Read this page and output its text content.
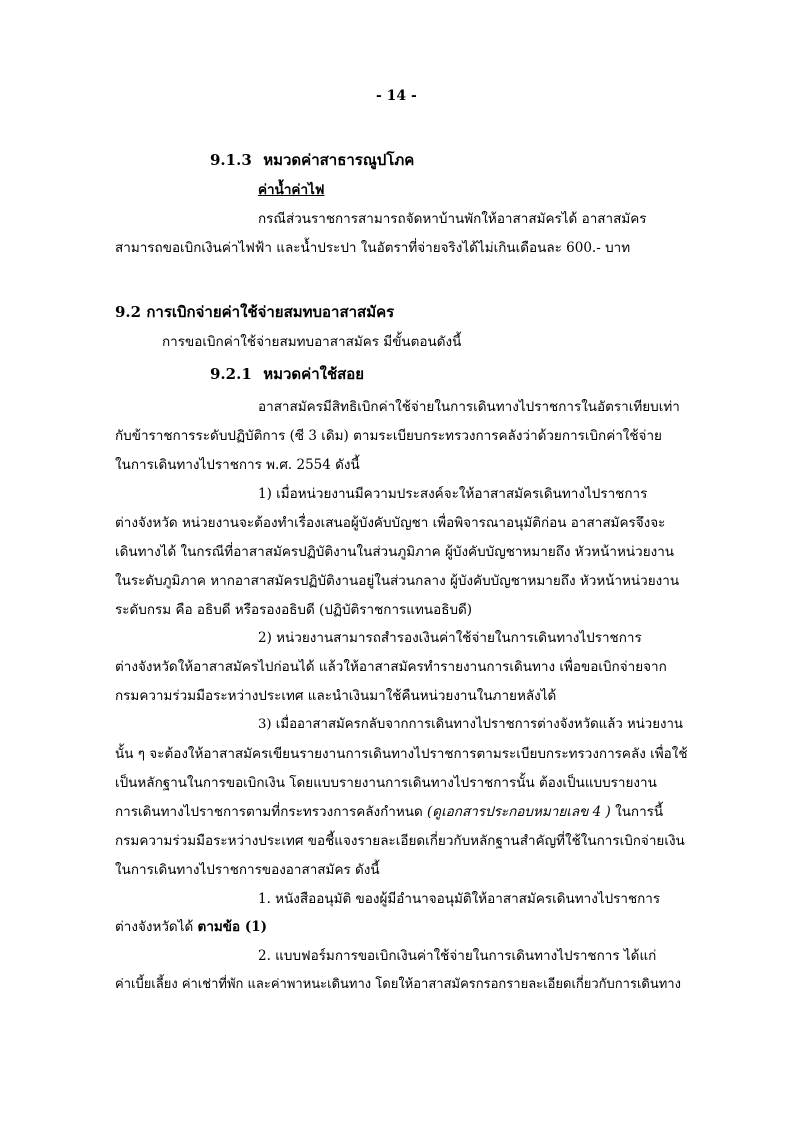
- 14 -
9.1.3 หมวดค่าสาธารณูปโภค
ค่าน้ำค่าไฟ
กรณีส่วนราชการสามารถจัดหาบ้านพักให้อาสาสมัครได้ อาสาสมัคร
สามารถขอเบิกเงินค่าไฟฟ้า และน้ำประปา ในอัตราที่จ่ายจริงได้ไม่เกินเดือนละ 600.- บาท
9.2 การเบิกจ่ายค่าใช้จ่ายสมทบอาสาสมัคร
การขอเบิกค่าใช้จ่ายสมทบอาสาสมัคร มีขั้นตอนดังนี้
9.2.1 หมวดค่าใช้สอย
อาสาสมัครมีสิทธิเบิกค่าใช้จ่ายในการเดินทางไปราชการในอัตราเทียบเท่า
กับข้าราชการระดับปฏิบัติการ (ซี 3 เดิม) ตามระเบียบกระทรวงการคลังว่าด้วยการเบิกค่าใช้จ่าย
ในการเดินทางไปราชการ พ.ศ. 2554 ดังนี้
1) เมื่อหน่วยงานมีความประสงค์จะให้อาสาสมัครเดินทางไปราชการ
ต่างจังหวัด หน่วยงานจะต้องทำเรื่องเสนอผู้บังคับบัญชา เพื่อพิจารณาอนุมัติก่อน อาสาสมัครจึงจะ
เดินทางได้ ในกรณีที่อาสาสมัครปฏิบัติงานในส่วนภูมิภาค ผู้บังคับบัญชาหมายถึง หัวหน้าหน่วยงาน
ในระดับภูมิภาค หากอาสาสมัครปฏิบัติงานอยู่ในส่วนกลาง ผู้บังคับบัญชาหมายถึง หัวหน้าหน่วยงาน
ระดับกรม คือ อธิบดี หรือรองอธิบดี (ปฏิบัติราชการแทนอธิบดี)
2) หน่วยงานสามารถสำรองเงินค่าใช้จ่ายในการเดินทางไปราชการ
ต่างจังหวัดให้อาสาสมัครไปก่อนได้ แล้วให้อาสาสมัครทำรายงานการเดินทาง เพื่อขอเบิกจ่ายจาก
กรมความร่วมมือระหว่างประเทศ และนำเงินมาใช้คืนหน่วยงานในภายหลังได้
3) เมื่ออาสาสมัครกลับจากการเดินทางไปราชการต่างจังหวัดแล้ว หน่วยงาน
นั้น ๆ จะต้องให้อาสาสมัครเขียนรายงานการเดินทางไปราชการตามระเบียบกระทรวงการคลัง เพื่อใช้
เป็นหลักฐานในการขอเบิกเงิน โดยแบบรายงานการเดินทางไปราชการนั้น ต้องเป็นแบบรายงาน
การเดินทางไปราชการตามที่กระทรวงการคลังกำหนด (ดูเอกสารประกอบหมายเลข 4 ) ในการนี้
กรมความร่วมมือระหว่างประเทศ ขอชี้แจงรายละเอียดเกี่ยวกับหลักฐานสำคัญที่ใช้ในการเบิกจ่ายเงิน
ในการเดินทางไปราชการของอาสาสมัคร ดังนี้
1. หนังสืออนุมัติ ของผู้มีอำนาจอนุมัติให้อาสาสมัครเดินทางไปราชการ
ต่างจังหวัดได้ ตามข้อ (1)
2. แบบฟอร์มการขอเบิกเงินค่าใช้จ่ายในการเดินทางไปราชการ ได้แก่
ค่าเบี้ยเลี้ยง ค่าเช่าที่พัก และค่าพาหนะเดินทาง โดยให้อาสาสมัครกรอกรายละเอียดเกี่ยวกับการเดินทาง
